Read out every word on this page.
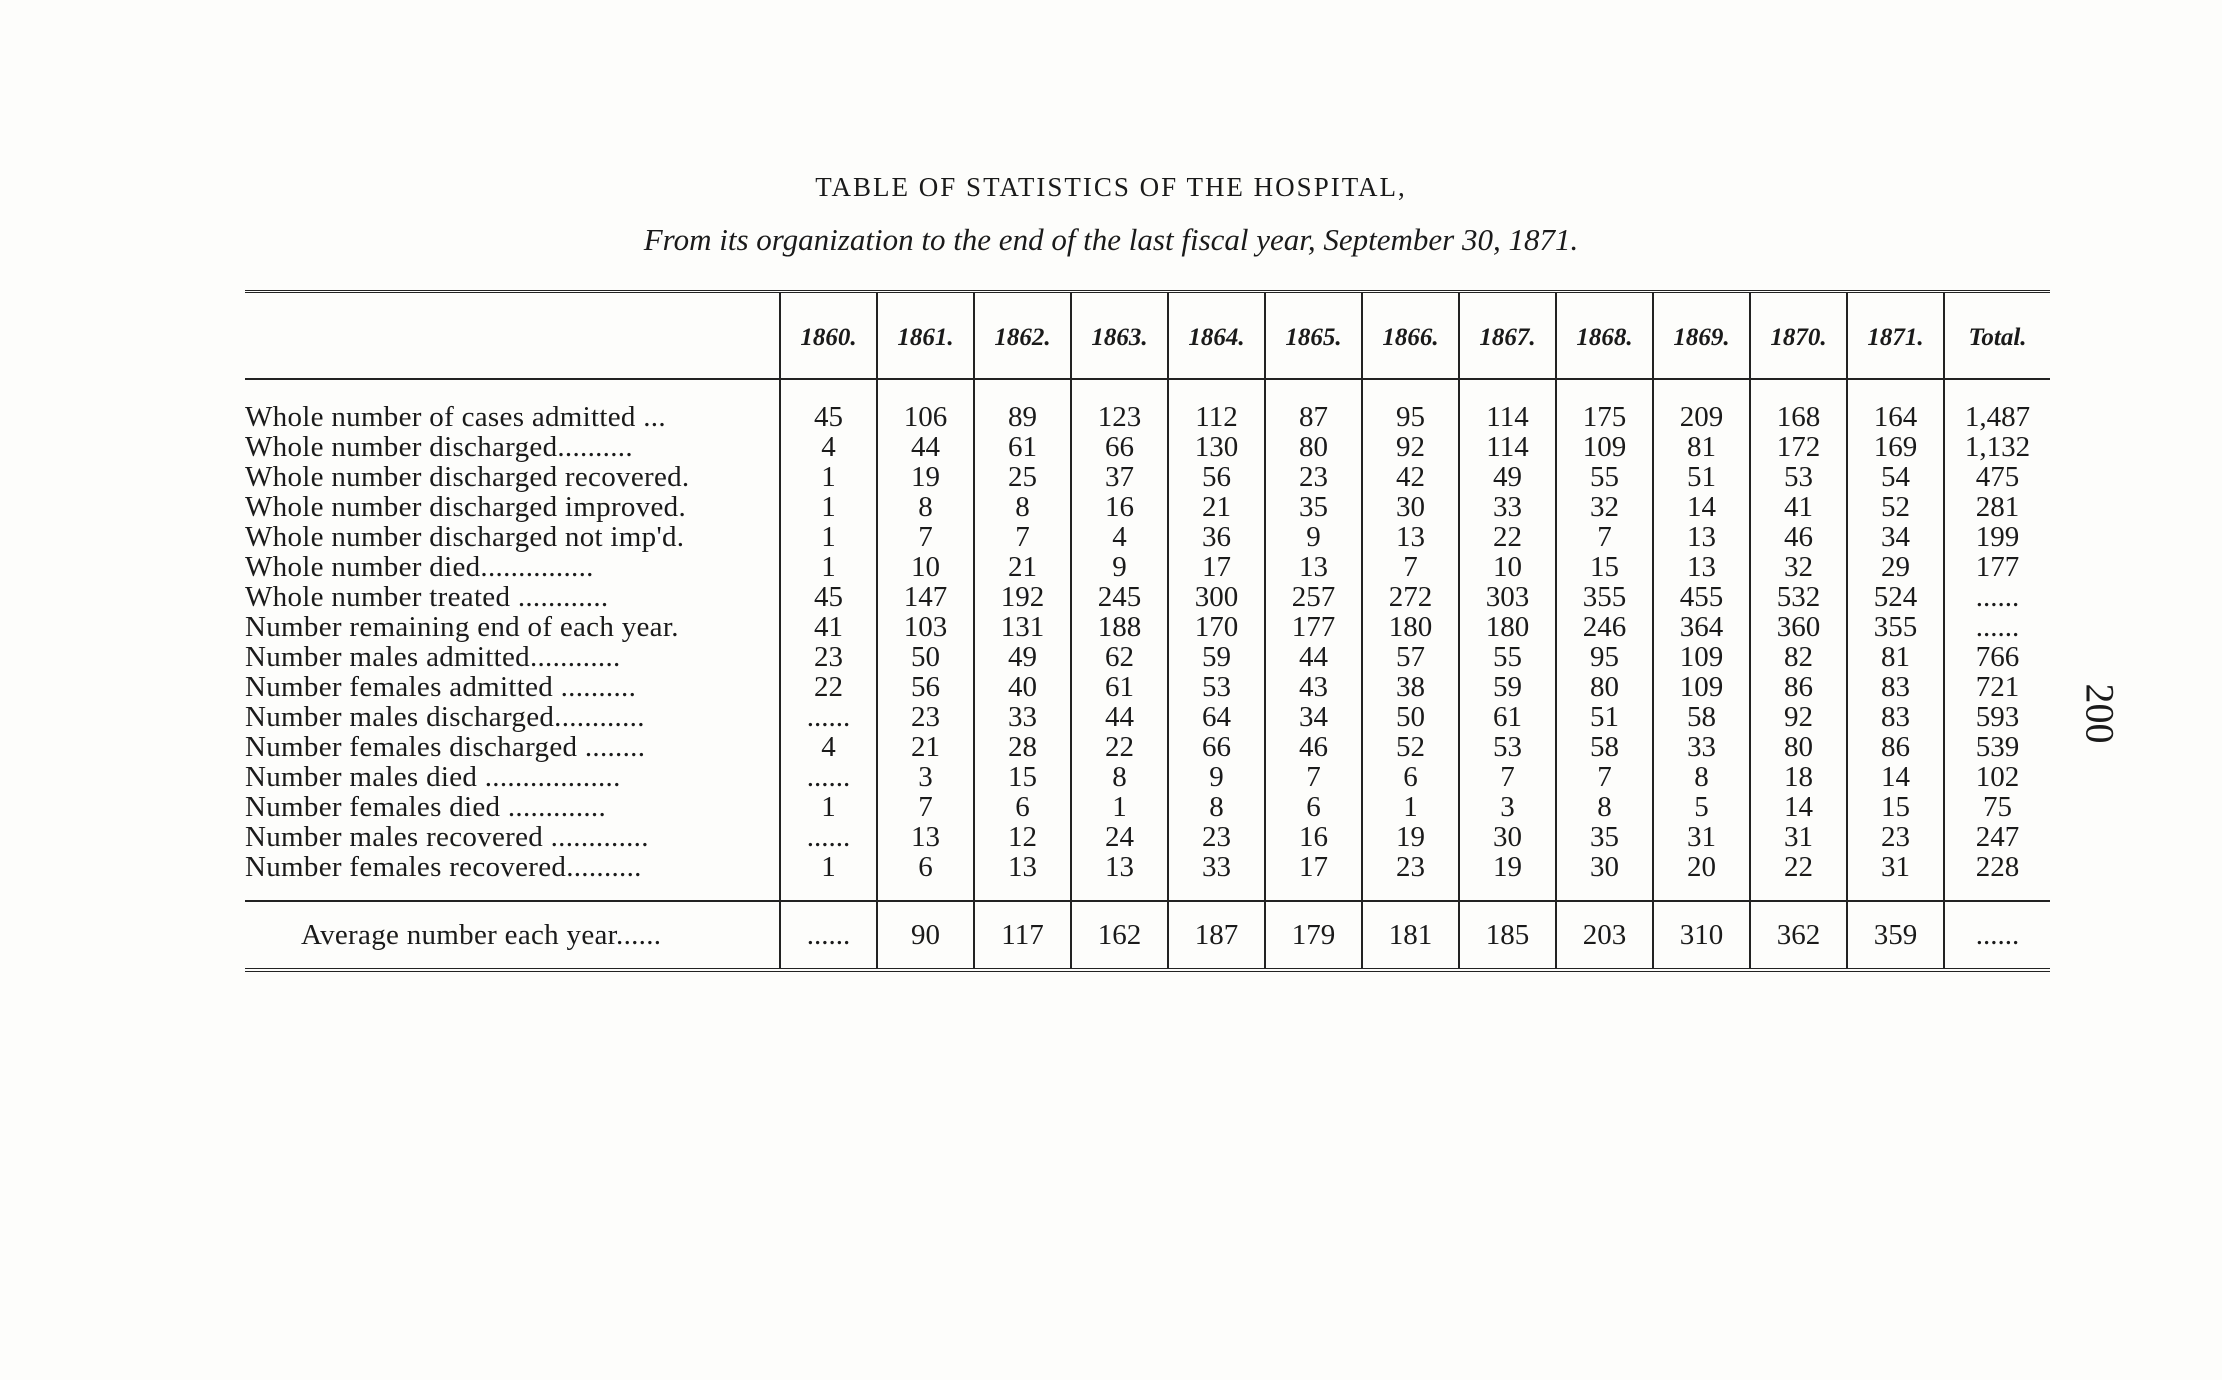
TABLE OF STATISTICS OF THE HOSPITAL,
From its organization to the end of the last fiscal year, September 30, 1871.
200
	1860.	1861.	1862.	1863.	1864.	1865.	1866.	1867.	1868.	1869.	1870.	1871.	Total.
Whole number of cases admitted ...	45	106	89	123	112	87	95	114	175	209	168	164	1,487
Whole number discharged..........	4	44	61	66	130	80	92	114	109	81	172	169	1,132
Whole number discharged recovered.	1	19	25	37	56	23	42	49	55	51	53	54	475
Whole number discharged improved.	1	8	8	16	21	35	30	33	32	14	41	52	281
Whole number discharged not imp'd.	1	7	7	4	36	9	13	22	7	13	46	34	199
Whole number died...............	1	10	21	9	17	13	7	10	15	13	32	29	177
Whole number treated ............	45	147	192	245	300	257	272	303	355	455	532	524	......
Number remaining end of each year.	41	103	131	188	170	177	180	180	246	364	360	355	......
Number males admitted............	23	50	49	62	59	44	57	55	95	109	82	81	766
Number females admitted ..........	22	56	40	61	53	43	38	59	80	109	86	83	721
Number males discharged............	......	23	33	44	64	34	50	61	51	58	92	83	593
Number females discharged ........	4	21	28	22	66	46	52	53	58	33	80	86	539
Number males died ..................	......	3	15	8	9	7	6	7	7	8	18	14	102
Number females died .............	1	7	6	1	8	6	1	3	8	5	14	15	75
Number males recovered .............	......	13	12	24	23	16	19	30	35	31	31	23	247
Number females recovered..........	1	6	13	13	33	17	23	19	30	20	22	31	228
Average number each year......	......	90	117	162	187	179	181	185	203	310	362	359	......
